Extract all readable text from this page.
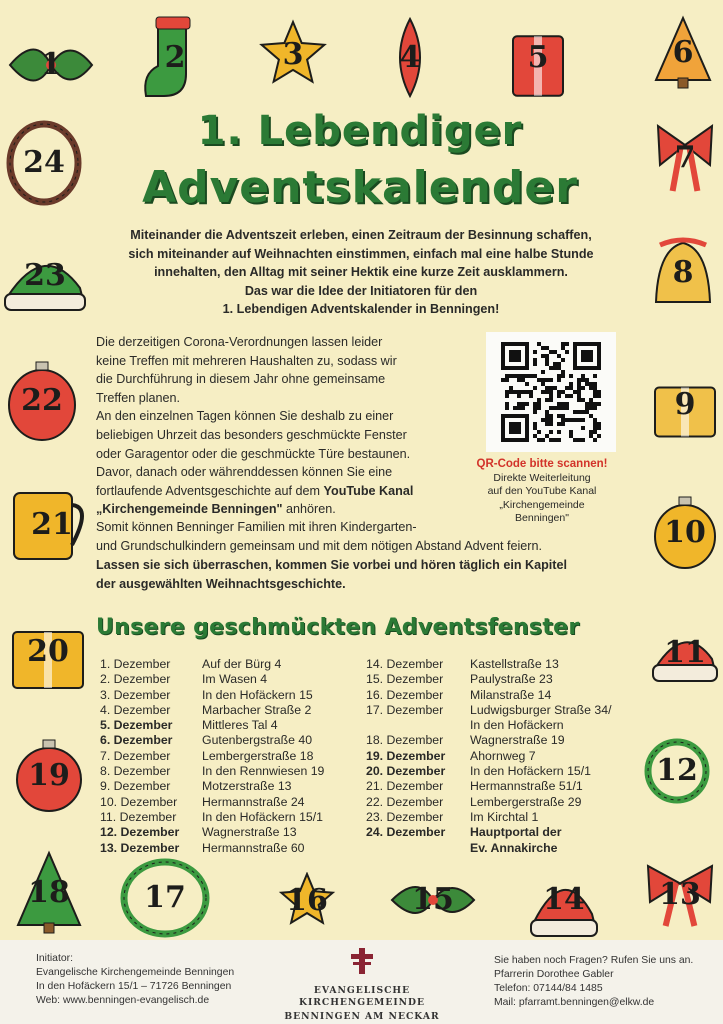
1	2	3	4	5	6
7
8
9
10
11
12
13
14
15
16
17
18
19
20
21
22
23
24
1. Lebendiger
Adventskalender
Miteinander die Adventszeit erleben, einen Zeitraum der Besinnung schaffen,
sich miteinander auf Weihnachten einstimmen, einfach mal eine halbe Stunde
innehalten, den Alltag mit seiner Hektik eine kurze Zeit ausklammern.
Das war die Idee der Initiatoren für den
1. Lebendigen Adventskalender in Benningen!
Die derzeitigen Corona-Verordnungen lassen leider
keine Treffen mit mehreren Haushalten zu, sodass wir
die Durchführung in diesem Jahr ohne gemeinsame
Treffen planen.
An den einzelnen Tagen können Sie deshalb zu einer
beliebigen Uhrzeit das besonders geschmückte Fenster
oder Garagentor oder die geschmückte Türe bestaunen.
Davor, danach oder währenddessen können Sie eine
fortlaufende Adventsgeschichte auf dem YouTube Kanal
„Kirchengemeinde Benningen" anhören.
QR-Code bitte scannen!
Direkte Weiterleitung
auf den YouTube Kanal
„Kirchengemeinde
Benningen"
Somit können Benninger Familien mit ihren Kindergarten-
und Grundschulkindern gemeinsam und mit dem nötigen Abstand Advent feiern.
Lassen sie sich überraschen, kommen Sie vorbei und hören täglich ein Kapitel
der ausgewählten Weihnachtsgeschichte.
Unsere geschmückten Adventsfenster
1. Dezember	Auf der Bürg 4
2. Dezember	Im Wasen 4
3. Dezember	In den Hofäckern 15
4. Dezember	Marbacher Straße 2
5. Dezember	Mittleres Tal 4
6. Dezember	Gutenbergstraße 40
7. Dezember	Lembergerstraße 18
8. Dezember	In den Rennwiesen 19
9. Dezember	Motzerstraße 13
10. Dezember	Hermannstraße 24
11. Dezember	In den Hofäckern 15/1
12. Dezember	Wagnerstraße 13
13. Dezember	Hermannstraße 60
14. Dezember	Kastellstraße 13
15. Dezember	Paulystraße 23
16. Dezember	Milanstraße 14
17. Dezember	Ludwigsburger Straße 34/
In den Hofäckern
18. Dezember	Wagnerstraße 19
19. Dezember	Ahornweg 7
20. Dezember	In den Hofäckern 15/1
21. Dezember	Hermannstraße 51/1
22. Dezember	Lembergerstraße 29
23. Dezember	Im Kirchtal 1
24. Dezember	Hauptportal der
Ev. Annakirche
Initiator:
Evangelische Kirchengemeinde Benningen
In den Hofäckern 15/1 – 71726 Benningen
Web: www.benningen-evangelisch.de
EVANGELISCHE KIRCHENGEMEINDE
BENNINGEN AM NECKAR
Sie haben noch Fragen? Rufen Sie uns an.
Pfarrerin Dorothee Gabler
Telefon: 07144/84 1485
Mail: pfarramt.benningen@elkw.de
